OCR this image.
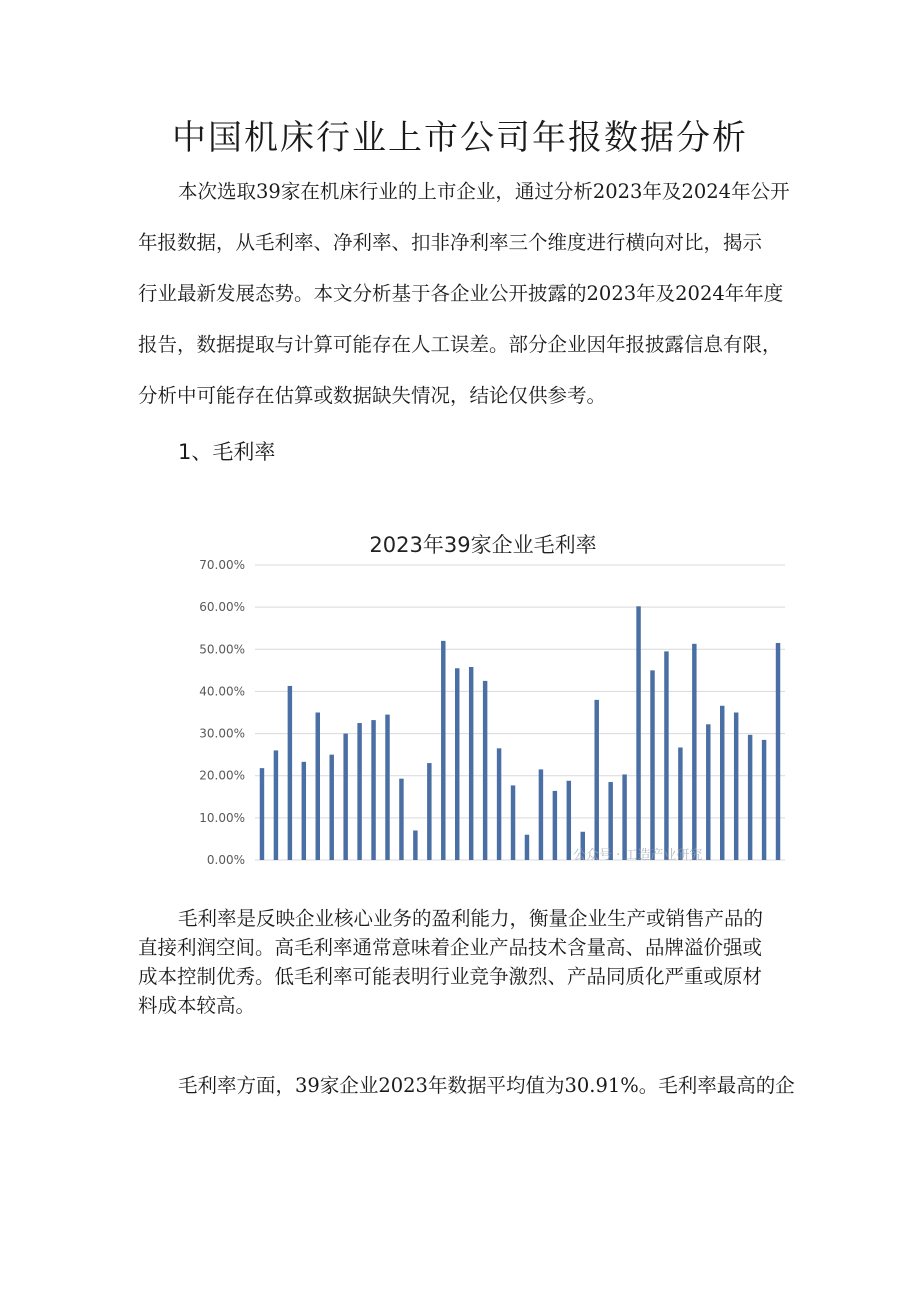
中国机床行业上市公司年报数据分析

本次选取39家在机床行业的上市企业，通过分析2023年及2024年公开
年报数据，从毛利率、净利率、扣非净利率三个维度进行横向对比，揭示
行业最新发展态势。本文分析基于各企业公开披露的2023年及2024年年度
报告，数据提取与计算可能存在人工误差。部分企业因年报披露信息有限，
分析中可能存在估算或数据缺失情况，结论仅供参考。

1、毛利率
2023年39家企业毛利率
0.00%
10.00%
20.00%
30.00%
40.00%
50.00%
60.00%
70.00%
公众号 · 工造产业研究

毛利率是反映企业核心业务的盈利能力，衡量企业生产或销售产品的
直接利润空间。高毛利率通常意味着企业产品技术含量高、品牌溢价强或
成本控制优秀。低毛利率可能表明行业竞争激烈、产品同质化严重或原材
料成本较高。

毛利率方面，39家企业2023年数据平均值为30.91%。毛利率最高的企
